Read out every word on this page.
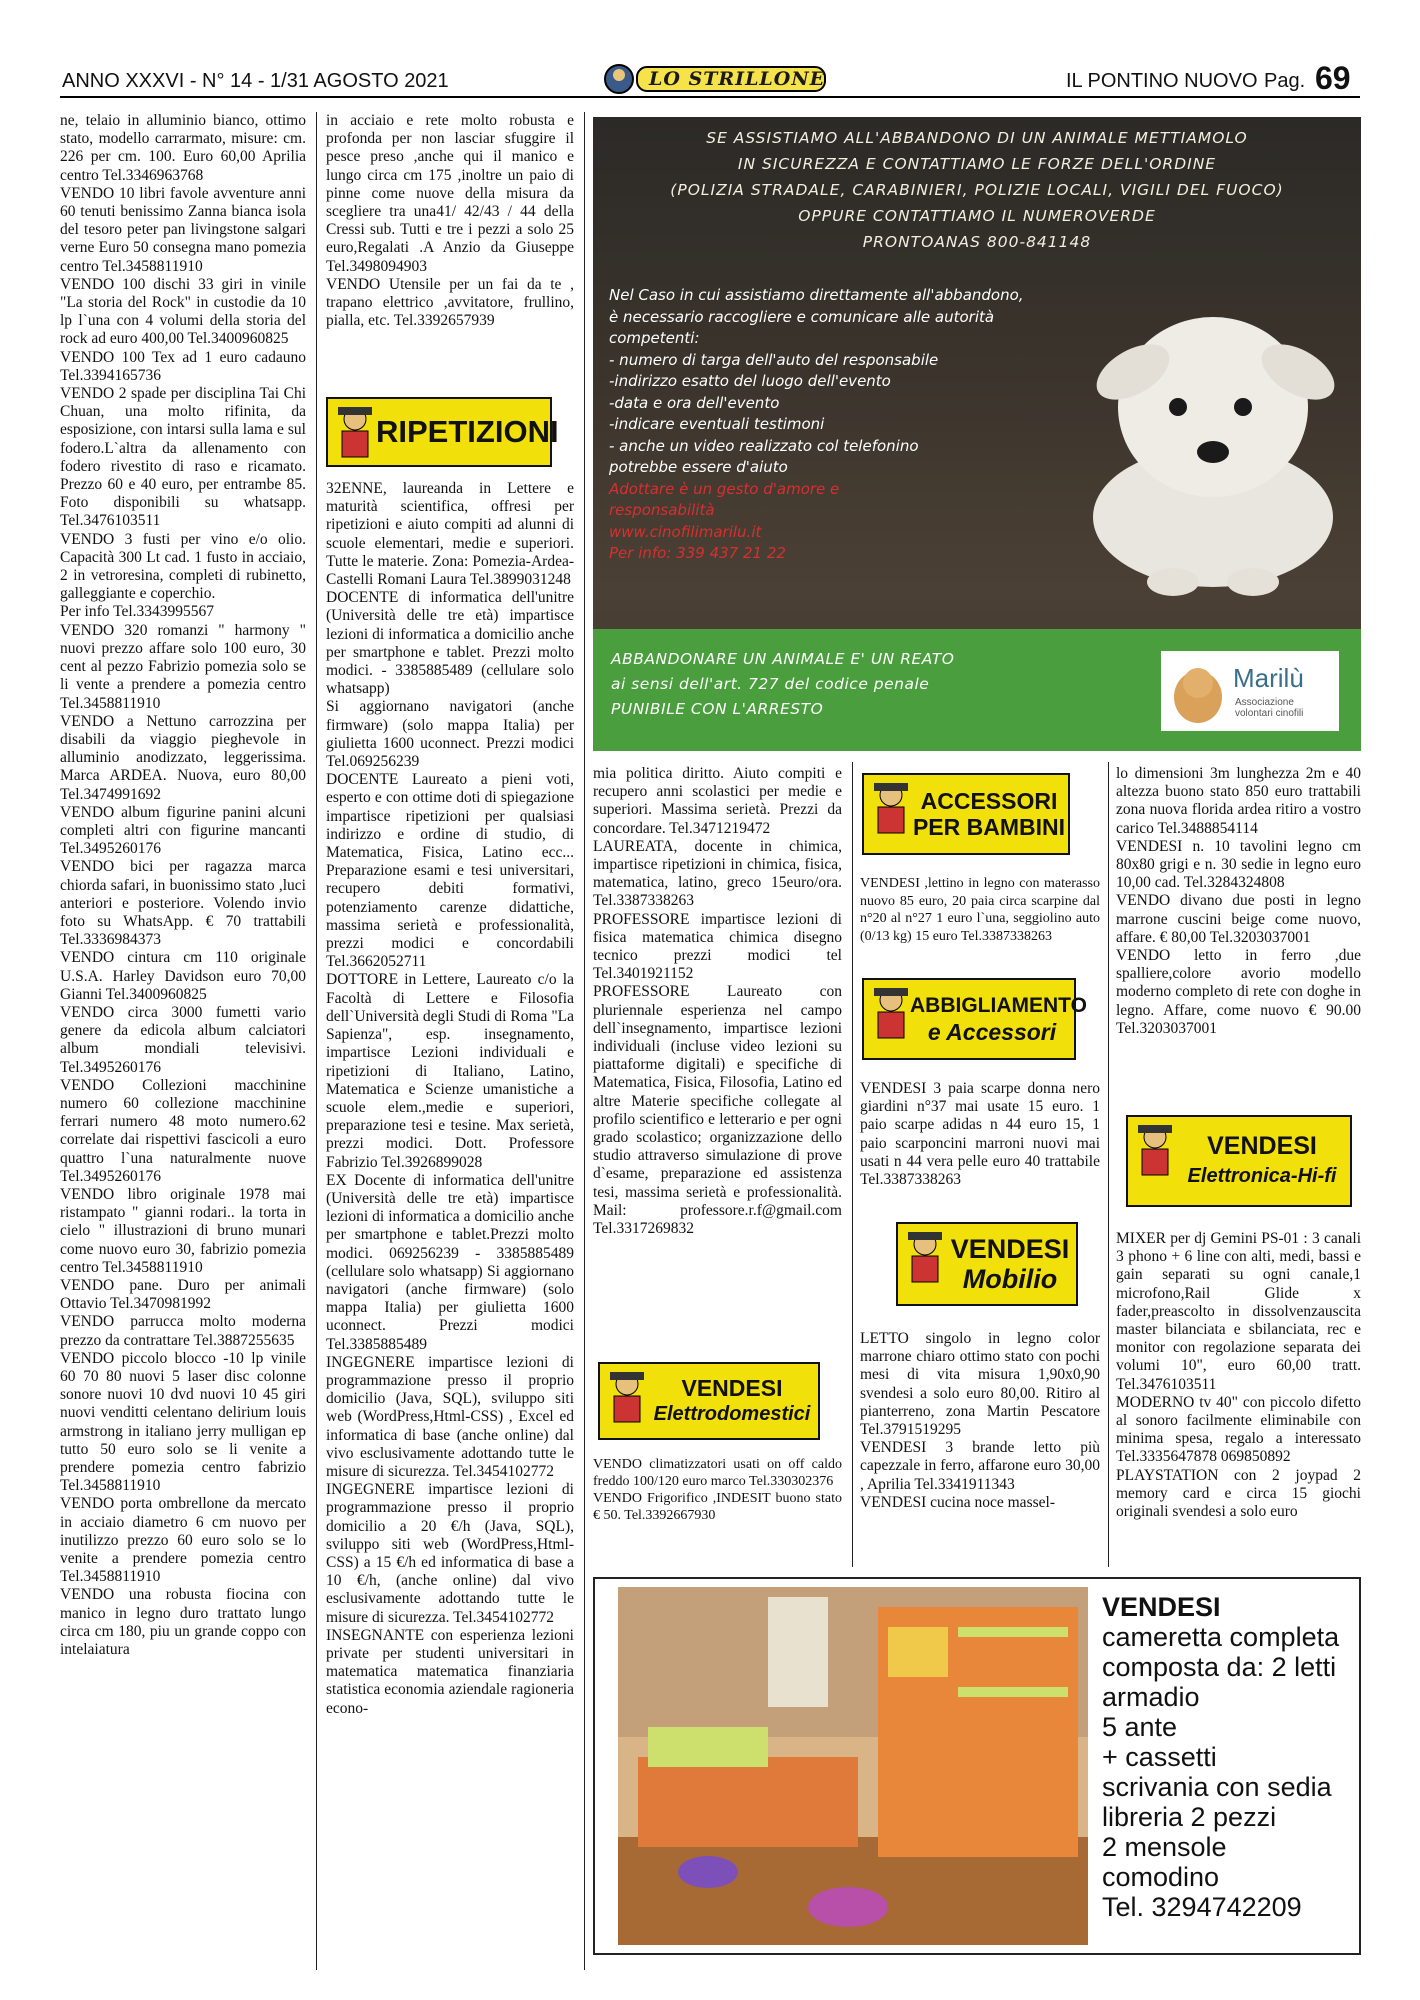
ANNO XXXVI - N° 14 - 1/31 AGOSTO 2021	LO STRILLONE	IL PONTINO NUOVO Pag. 69

ne, telaio in alluminio bianco, ottimo stato, modello carrarmato, misure: cm. 226 per cm. 100. Euro 60,00 Aprilia centro Tel.3346963768

VENDO 10 libri favole avventure anni 60 tenuti benissimo Zanna bianca isola del tesoro peter pan livingstone salgari verne Euro 50 consegna mano pomezia centro Tel.3458811910

VENDO 100 dischi 33 giri in vinile "La storia del Rock" in custodie da 10 lp l`una con 4 volumi della storia del rock ad euro 400,00 Tel.3400960825

VENDO 100 Tex ad 1 euro cadauno Tel.3394165736

VENDO 2 spade per disciplina Tai Chi Chuan, una molto rifinita, da esposizione, con intarsi sulla lama e sul fodero.L`altra da allenamento con fodero rivestito di raso e ricamato. Prezzo 60 e 40 euro, per entrambe 85. Foto disponibili su whatsapp. Tel.3476103511

VENDO 3 fusti per vino e/o olio. Capacità 300 Lt cad. 1 fusto in acciaio, 2 in vetroresina, completi di rubinetto, galleggiante e coperchio.

Per info Tel.3343995567

VENDO 320 romanzi " harmony " nuovi prezzo affare solo 100 euro, 30 cent al pezzo Fabrizio pomezia solo se li vente a prendere a pomezia centro Tel.3458811910

VENDO a Nettuno carrozzina per disabili da viaggio pieghevole in alluminio anodizzato, leggerissima. Marca ARDEA. Nuova, euro 80,00 Tel.3474991692

VENDO album figurine panini alcuni completi altri con figurine mancanti Tel.3495260176

VENDO bici per ragazza marca chiorda safari, in buonissimo stato ,luci anteriori e posteriore. Volendo invio foto su WhatsApp. € 70 trattabili Tel.3336984373

VENDO cintura cm 110 originale U.S.A. Harley Davidson euro 70,00 Gianni Tel.3400960825

VENDO circa 3000 fumetti vario genere da edicola album calciatori album mondiali televisivi. Tel.3495260176

VENDO Collezioni macchinine numero 60 collezione macchinine ferrari numero 48 moto numero.62 correlate dai rispettivi fascicoli a euro quattro l`una naturalmente nuove Tel.3495260176

VENDO libro originale 1978 mai ristampato " gianni rodari.. la torta in cielo " illustrazioni di bruno munari come nuovo euro 30, fabrizio pomezia centro Tel.3458811910

VENDO pane. Duro per animali Ottavio Tel.3470981992

VENDO parrucca molto moderna prezzo da contrattare Tel.3887255635

VENDO piccolo blocco -10 lp vinile 60 70 80 nuovi 5 laser disc colonne sonore nuovi 10 dvd nuovi 10 45 giri nuovi venditti celentano delirium louis armstrong in italiano jerry mulligan ep tutto 50 euro solo se li venite a prendere pomezia centro fabrizio Tel.3458811910

VENDO porta ombrellone da mercato in acciaio diametro 6 cm nuovo per inutilizzo prezzo 60 euro solo se lo venite a prendere pomezia centro Tel.3458811910

VENDO una robusta fiocina con manico in legno duro trattato lungo circa cm 180, piu un grande coppo con intelaiatura

in acciaio e rete molto robusta e profonda per non lasciar sfuggire il pesce preso ,anche qui il manico e lungo circa cm 175 ,inoltre un paio di pinne come nuove della misura da scegliere tra una41/ 42/43 / 44 della Cressi sub. Tutti e tre i pezzi a solo 25 euro,Regalati .A Anzio da Giuseppe Tel.3498094903

VENDO Utensile per un fai da te , trapano elettrico ,avvitatore, frullino, pialla, etc. Tel.3392657939

RIPETIZIONI

32ENNE, laureanda in Lettere e maturità scientifica, offresi per ripetizioni e aiuto compiti ad alunni di scuole elementari, medie e superiori. Tutte le materie. Zona: Pomezia-Ardea-Castelli Romani Laura Tel.3899031248

DOCENTE di informatica dell'unitre (Università delle tre età) impartisce lezioni di informatica a domicilio anche per smartphone e tablet. Prezzi molto modici. - 3385885489 (cellulare solo whatsapp)

Si aggiornano navigatori (anche firmware) (solo mappa Italia) per giulietta 1600 uconnect. Prezzi modici Tel.069256239

DOCENTE Laureato a pieni voti, esperto e con ottime doti di spiegazione impartisce ripetizioni per qualsiasi indirizzo e ordine di studio, di Matematica, Fisica, Latino ecc... Preparazione esami e tesi universitari, recupero debiti formativi, potenziamento carenze didattiche, massima serietà e professionalità, prezzi modici e concordabili Tel.3662052711

DOTTORE in Lettere, Laureato c/o la Facoltà di Lettere e Filosofia dell`Università degli Studi di Roma "La Sapienza", esp. insegnamento, impartisce Lezioni individuali e ripetizioni di Italiano, Latino, Matematica e Scienze umanistiche a scuole elem.,medie e superiori, preparazione tesi e tesine. Max serietà, prezzi modici. Dott. Professore Fabrizio Tel.3926899028

EX Docente di informatica dell'unitre (Università delle tre età) impartisce lezioni di informatica a domicilio anche per smartphone e tablet.Prezzi molto modici. 069256239 - 3385885489 (cellulare solo whatsapp) Si aggiornano navigatori (anche firmware) (solo mappa Italia) per giulietta 1600 uconnect. Prezzi modici Tel.3385885489

INGEGNERE impartisce lezioni di programmazione presso il proprio domicilio (Java, SQL), sviluppo siti web (WordPress,Html-CSS) , Excel ed informatica di base (anche online) dal vivo esclusivamente adottando tutte le misure di sicurezza. Tel.3454102772

INGEGNERE impartisce lezioni di programmazione presso il proprio domicilio a 20 €/h (Java, SQL), sviluppo siti web (WordPress,Html-CSS) a 15 €/h ed informatica di base a 10 €/h, (anche online) dal vivo esclusivamente adottando tutte le misure di sicurezza. Tel.3454102772

INSEGNANTE con esperienza lezioni private per studenti universitari in matematica matematica finanziaria statistica economia aziendale ragioneria econo-

SE ASSISTIAMO ALL'ABBANDONO DI UN ANIMALE METTIAMOLO
IN SICUREZZA E CONTATTIAMO LE FORZE DELL'ORDINE
(POLIZIA STRADALE, CARABINIERI, POLIZIE LOCALI, VIGILI DEL FUOCO)
OPPURE CONTATTIAMO IL NUMEROVERDE
PRONTOANAS 800-841148
Nel Caso in cui assistiamo direttamente all'abbandono,
è necessario raccogliere e comunicare alle autorità
competenti:
- numero di targa dell'auto del responsabile
-indirizzo esatto del luogo dell'evento
-data e ora dell'evento
-indicare eventuali testimoni
- anche un video realizzato col telefonino
potrebbe essere d'aiuto
Adottare è un gesto d'amore e
responsabilità
www.cinofilimarilu.it
Per info: 339 437 21 22
ABBANDONARE UN ANIMALE E' UN REATO
ai sensi dell'art. 727 del codice penale
PUNIBILE CON L'ARRESTO
Marilù
Associazione
volontari cinofili

mia politica diritto. Aiuto compiti e recupero anni scolastici per medie e superiori. Massima serietà. Prezzi da concordare. Tel.3471219472

LAUREATA, docente in chimica, impartisce ripetizioni in chimica, fisica, matematica, latino, greco 15euro/ora. Tel.3387338263

PROFESSORE impartisce lezioni di fisica matematica chimica disegno tecnico prezzi modici tel Tel.3401921152

PROFESSORE Laureato con pluriennale esperienza nel campo dell`insegnamento, impartisce lezioni individuali (incluse video lezioni su piattaforme digitali) e specifiche di Matematica, Fisica, Filosofia, Latino ed altre Materie specifiche collegate al profilo scientifico e letterario e per ogni grado scolastico; organizzazione dello studio attraverso simulazione di prove d`esame, preparazione ed assistenza tesi, massima serietà e professionalità. Mail: professore.r.f@gmail.com Tel.3317269832

VENDESI
Elettrodomestici

VENDO climatizzatori usati on off caldo freddo 100/120 euro marco Tel.330302376

VENDO Frigorifico ,INDESIT buono stato € 50. Tel.3392667930

ACCESSORI
PER BAMBINI

VENDESI ,lettino in legno con materasso nuovo 85 euro, 20 paia circa scarpine dal n°20 al n°27 1 euro l`una, seggiolino auto (0/13 kg) 15 euro Tel.3387338263

ABBIGLIAMENTO
e Accessori

VENDESI 3 paia scarpe donna nero giardini n°37 mai usate 15 euro. 1 paio scarpe adidas n 44 euro 15, 1 paio scarponcini marroni nuovi mai usati n 44 vera pelle euro 40 trattabile Tel.3387338263

VENDESI
Mobilio

LETTO singolo in legno color marrone chiaro ottimo stato con pochi mesi di vita misura 1,90x0,90 svendesi a solo euro 80,00. Ritiro al pianterreno, zona Martin Pescatore Tel.3791519295

VENDESI 3 brande letto più capezzale in ferro, affarone euro 30,00 , Aprilia Tel.3341911343

VENDESI cucina noce massel-

lo dimensioni 3m lunghezza 2m e 40 altezza buono stato 850 euro trattabili zona nuova florida ardea ritiro a vostro carico Tel.3488854114

VENDESI n. 10 tavolini legno cm 80x80 grigi e n. 30 sedie in legno euro 10,00 cad. Tel.3284324808

VENDO divano due posti in legno marrone cuscini beige come nuovo, affare. € 80,00 Tel.3203037001

VENDO letto in ferro ,due spalliere,colore avorio modello moderno completo di rete con doghe in legno. Affare, come nuovo € 90.00 Tel.3203037001

VENDESI
Elettronica-Hi-fi

MIXER per dj Gemini PS-01 : 3 canali 3 phono + 6 line con alti, medi, bassi e gain separati su ogni canale,1 microfono,Rail Glide x fader,preascolto in dissolvenzauscita master bilanciata e sbilanciata, rec e monitor con regolazione separata dei volumi 10", euro 60,00 tratt. Tel.3476103511

MODERNO tv 40" con piccolo difetto al sonoro facilmente eliminabile con minima spesa, regalo a interessato Tel.3335647878 069850892

PLAYSTATION con 2 joypad 2 memory card e circa 15 giochi originali svendesi a solo euro

VENDESI
cameretta completa
composta da: 2 letti
armadio
5 ante
+ cassetti
scrivania con sedia
libreria 2 pezzi
2 mensole
comodino
Tel. 3294742209
